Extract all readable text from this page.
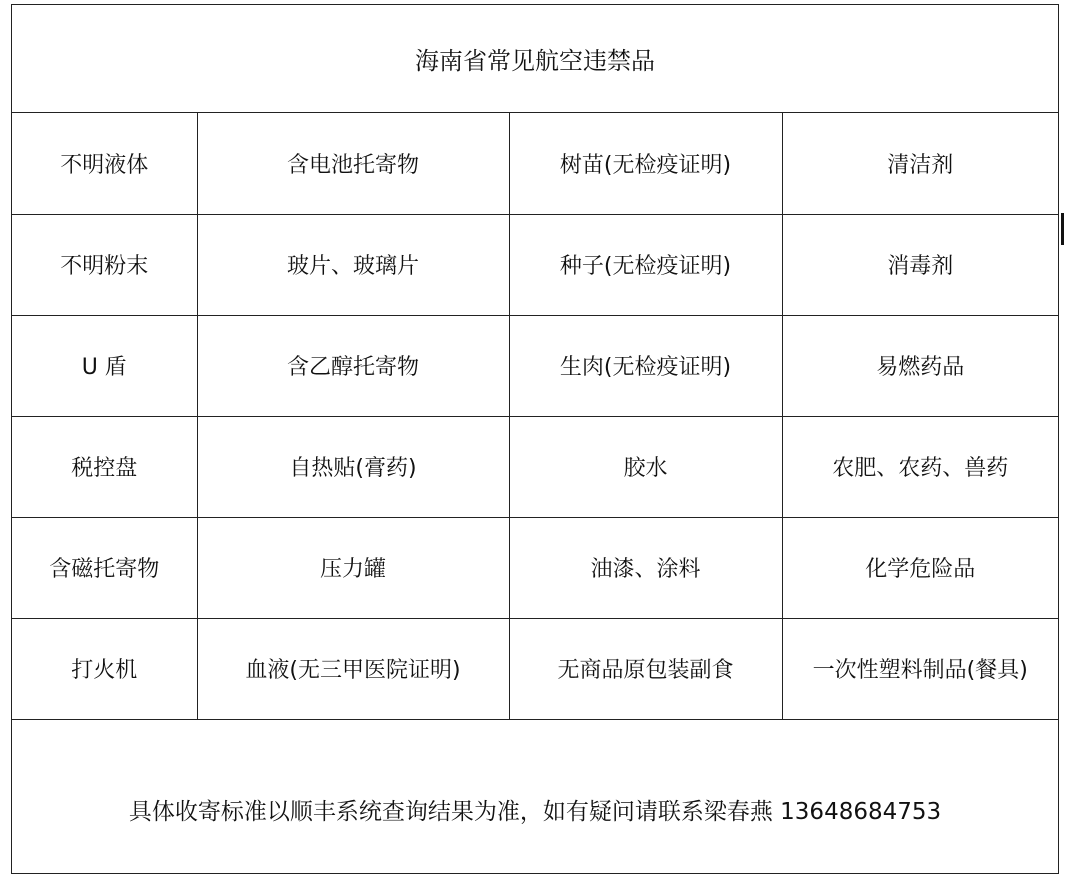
海南省常见航空违禁品
不明液体	含电池托寄物	树苗(无检疫证明)	清洁剂
不明粉末	玻片、玻璃片	种子(无检疫证明)	消毒剂
U 盾	含乙醇托寄物	生肉(无检疫证明)	易燃药品
税控盘	自热贴(膏药)	胶水	农肥、农药、兽药
含磁托寄物	压力罐	油漆、涂料	化学危险品
打火机	血液(无三甲医院证明)	无商品原包装副食	一次性塑料制品(餐具)
具体收寄标准以顺丰系统查询结果为准，如有疑问请联系梁春燕 13648684753
